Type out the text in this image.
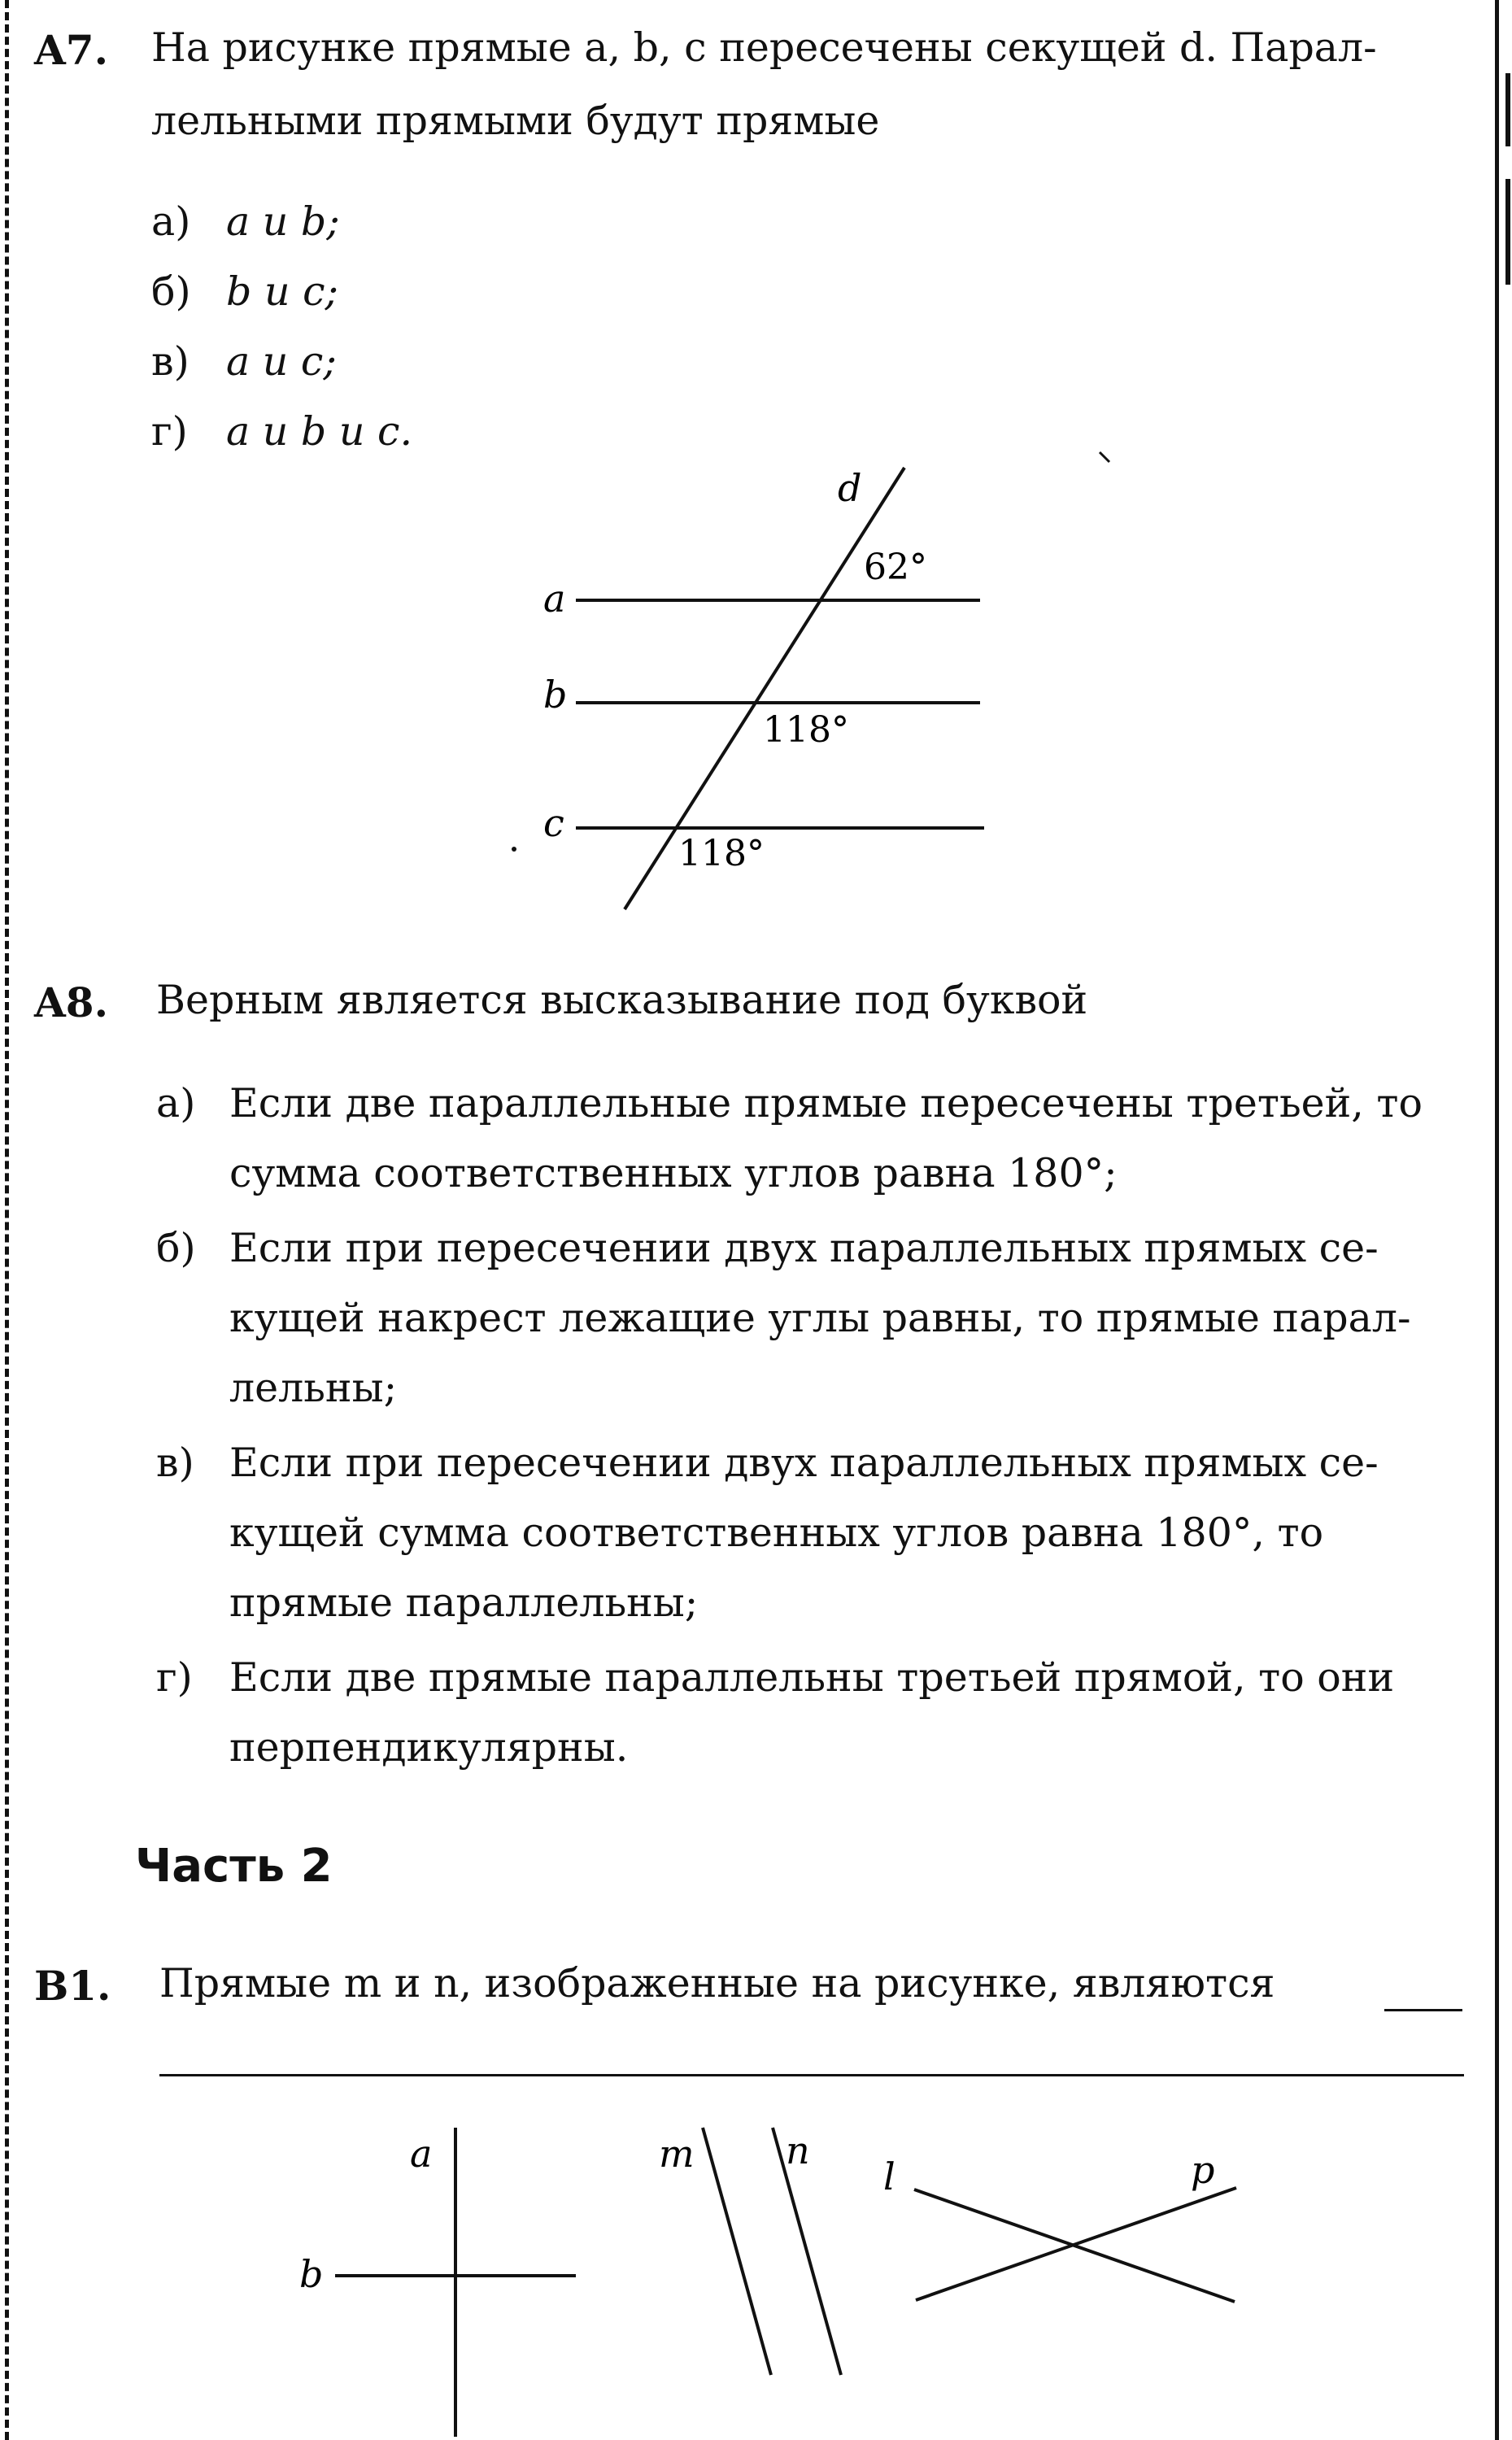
A7. На рисунке прямые a, b, c пересечены секущей d. Парал-
лельными прямыми будут прямые
а) a и b;
б) b и с;
в) a и c;
г) a и b и c.
a
b
c
d
62°
118°
118°
A8. Верным является высказывание под буквой
а) Если две параллельные прямые пересечены третьей, то
сумма соответственных углов равна 180°;
б) Если при пересечении двух параллельных прямых се-
кущей накрест лежащие углы равны, то прямые парал-
лельны;
в) Если при пересечении двух параллельных прямых се-
кущей сумма соответственных углов равна 180°, то
прямые параллельны;
г) Если две прямые параллельны третьей прямой, то они
перпендикулярны.
Часть 2
B1. Прямые m и n, изображенные на рисунке, являются
a
b
m n
l	p
